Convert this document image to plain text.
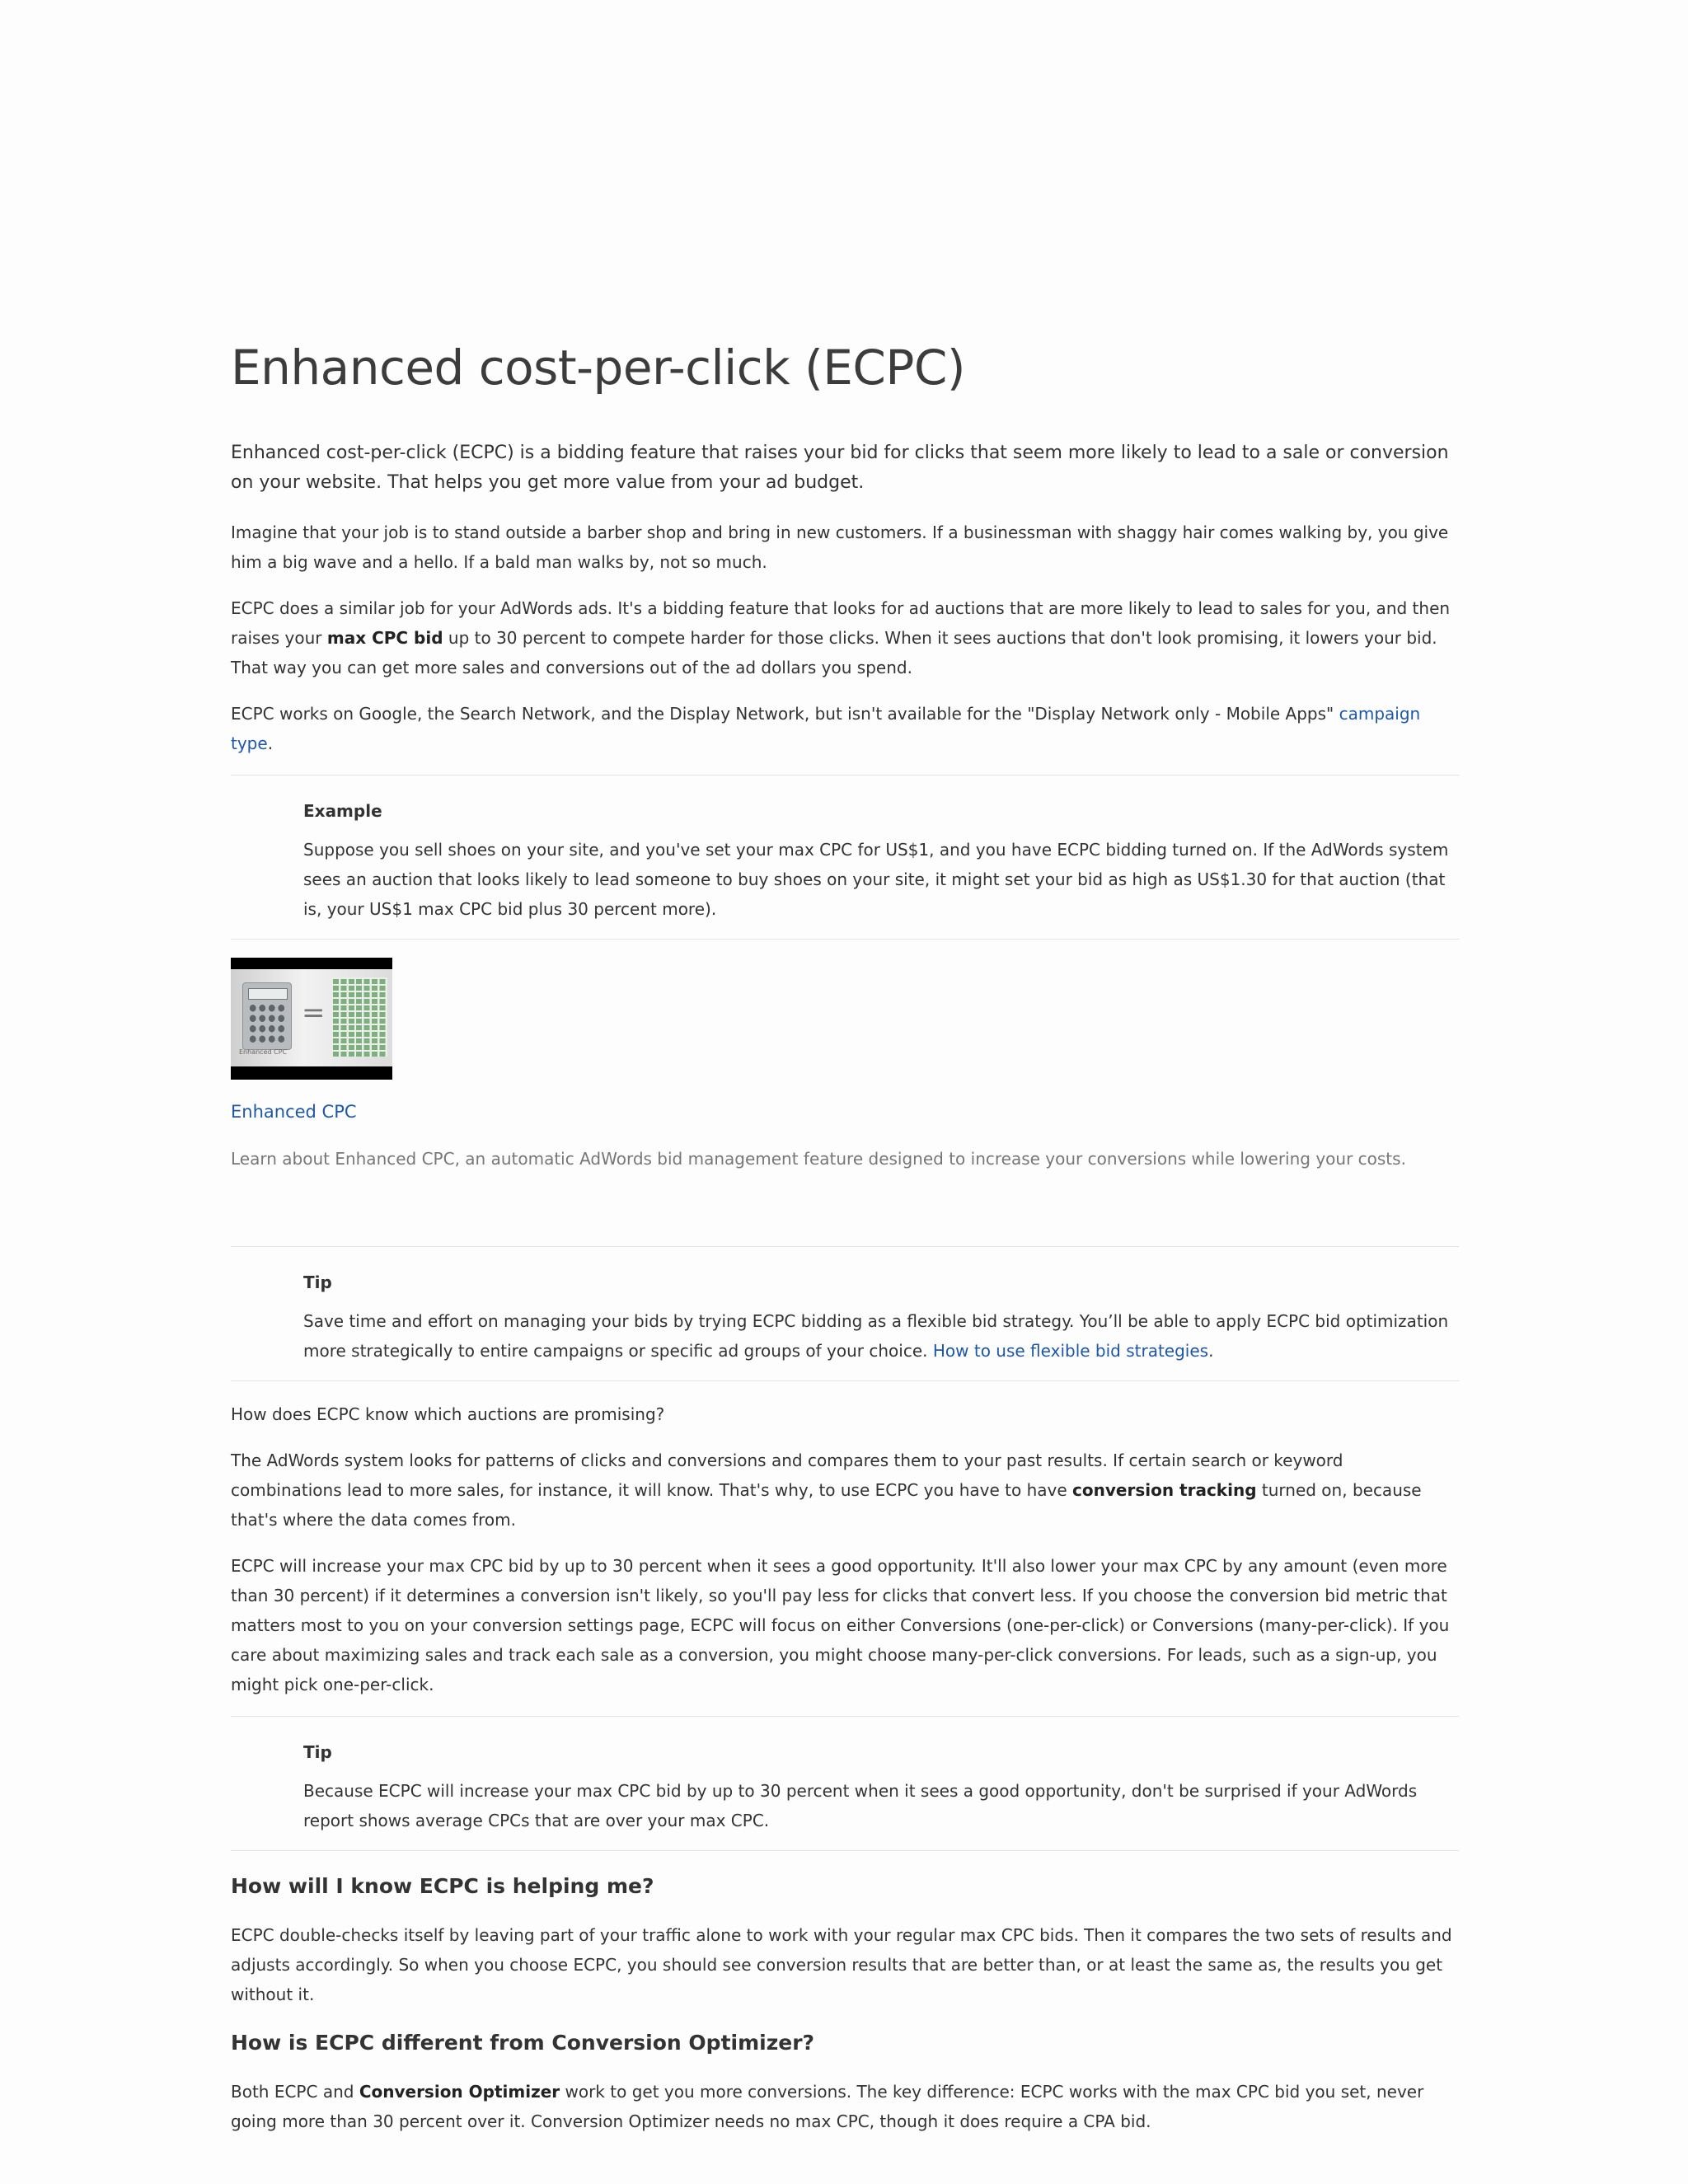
Enhanced cost-per-click (ECPC)

Enhanced cost-per-click (ECPC) is a bidding feature that raises your bid for clicks that seem more likely to lead to a sale or conversion on your website. That helps you get more value from your ad budget.

Imagine that your job is to stand outside a barber shop and bring in new customers. If a businessman with shaggy hair comes walking by, you give him a big wave and a hello. If a bald man walks by, not so much.

ECPC does a similar job for your AdWords ads. It's a bidding feature that looks for ad auctions that are more likely to lead to sales for you, and then raises your max CPC bid up to 30 percent to compete harder for those clicks. When it sees auctions that don't look promising, it lowers your bid. That way you can get more sales and conversions out of the ad dollars you spend.

ECPC works on Google, the Search Network, and the Display Network, but isn't available for the "Display Network only - Mobile Apps" campaign type.

Example

Suppose you sell shoes on your site, and you've set your max CPC for US$1, and you have ECPC bidding turned on. If the AdWords system sees an auction that looks likely to lead someone to buy shoes on your site, it might set your bid as high as US$1.30 for that auction (that is, your US$1 max CPC bid plus 30 percent more).

=
Enhanced CPC
Enhanced CPC

Learn about Enhanced CPC, an automatic AdWords bid management feature designed to increase your conversions while lowering your costs.

Tip

Save time and effort on managing your bids by trying ECPC bidding as a flexible bid strategy. You’ll be able to apply ECPC bid optimization more strategically to entire campaigns or specific ad groups of your choice. How to use flexible bid strategies.

How does ECPC know which auctions are promising?

The AdWords system looks for patterns of clicks and conversions and compares them to your past results. If certain search or keyword combinations lead to more sales, for instance, it will know. That's why, to use ECPC you have to have conversion tracking turned on, because that's where the data comes from.

ECPC will increase your max CPC bid by up to 30 percent when it sees a good opportunity. It'll also lower your max CPC by any amount (even more than 30 percent) if it determines a conversion isn't likely, so you'll pay less for clicks that convert less. If you choose the conversion bid metric that matters most to you on your conversion settings page, ECPC will focus on either Conversions (one-per-click) or Conversions (many-per-click). If you care about maximizing sales and track each sale as a conversion, you might choose many-per-click conversions. For leads, such as a sign-up, you might pick one-per-click.

Tip

Because ECPC will increase your max CPC bid by up to 30 percent when it sees a good opportunity, don't be surprised if your AdWords report shows average CPCs that are over your max CPC.

How will I know ECPC is helping me?

ECPC double-checks itself by leaving part of your traffic alone to work with your regular max CPC bids. Then it compares the two sets of results and adjusts accordingly. So when you choose ECPC, you should see conversion results that are better than, or at least the same as, the results you get without it.

How is ECPC different from Conversion Optimizer?

Both ECPC and Conversion Optimizer work to get you more conversions. The key difference: ECPC works with the max CPC bid you set, never going more than 30 percent over it. Conversion Optimizer needs no max CPC, though it does require a CPA bid.
